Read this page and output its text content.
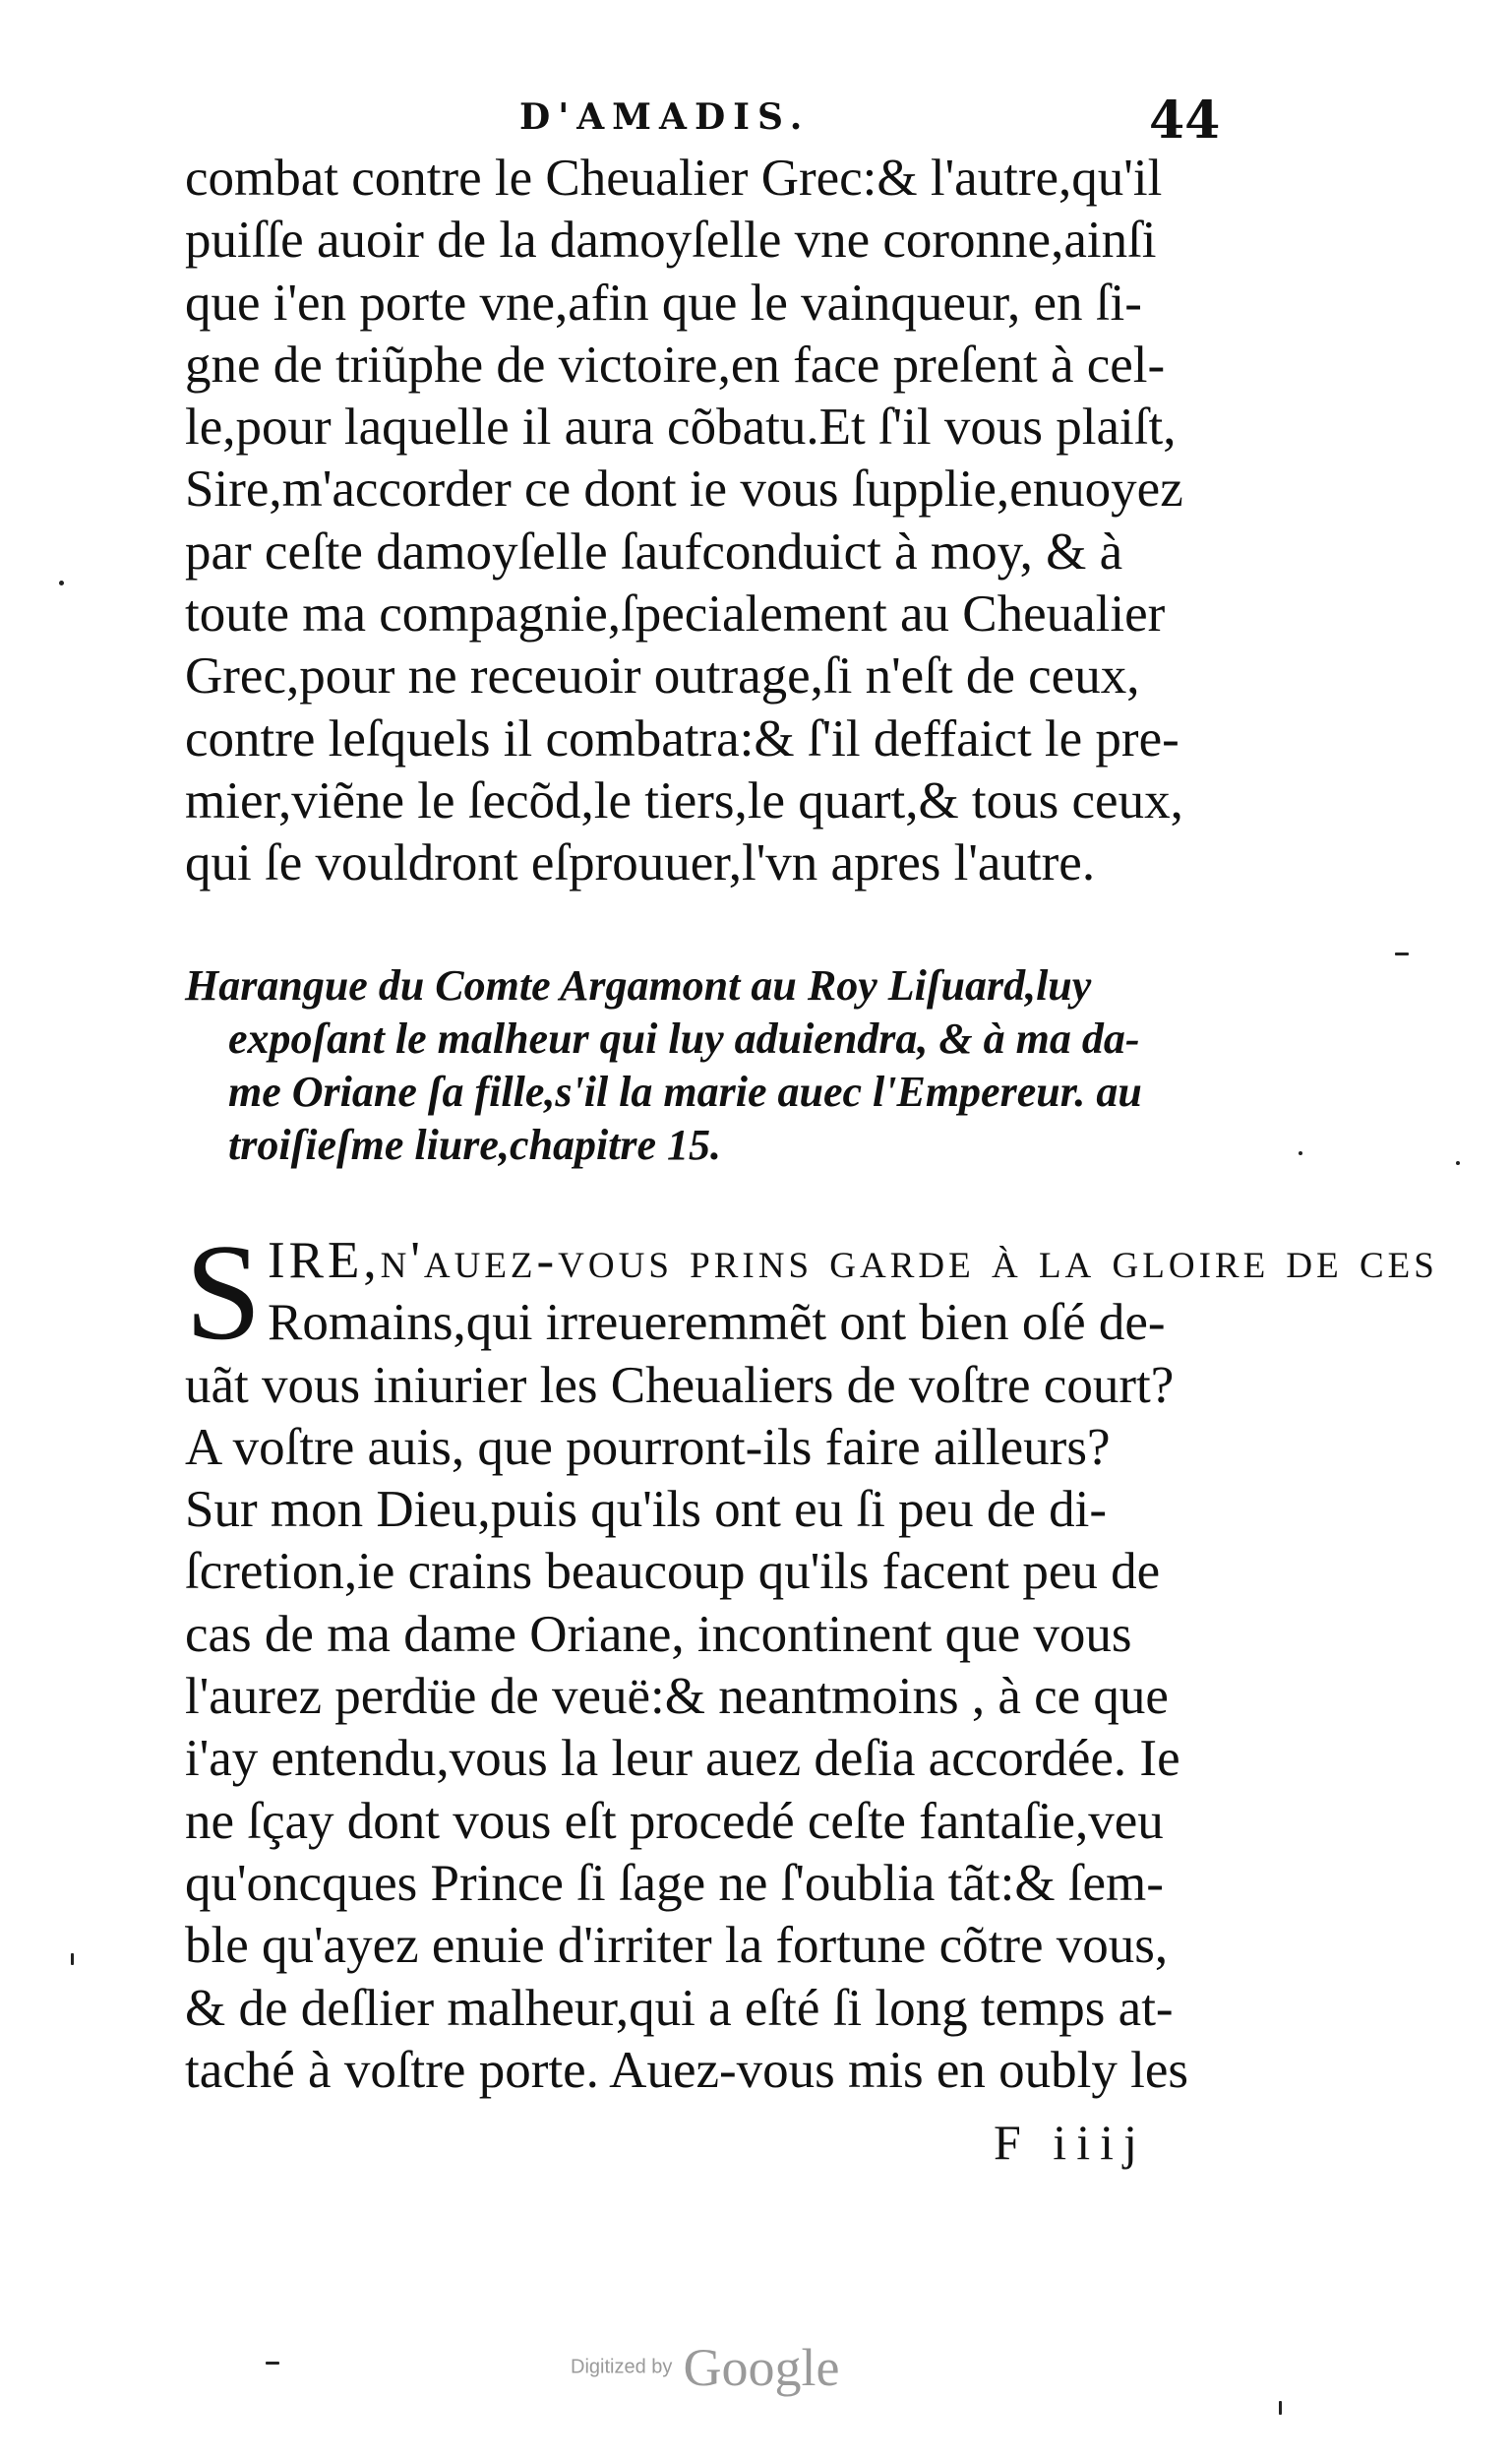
D'AMADIS.	44
combat contre le Cheualier Grec:& l'autre,qu'il
puiſſe auoir de la damoyſelle vne coronne,ainſi
que i'en porte vne,afin que le vainqueur, en ſi-
gne de triũphe de victoire,en face preſent à cel-
le,pour laquelle il aura cõbatu.Et ſ'il vous plaiſt,
Sire,m'accorder ce dont ie vous ſupplie,enuoyez
par ceſte damoyſelle ſaufconduict à moy, & à
toute ma compagnie,ſpecialement au Cheualier
Grec,pour ne receuoir outrage,ſi n'eſt de ceux,
contre leſquels il combatra:& ſ'il deffaict le pre-
mier,viẽne le ſecõd,le tiers,le quart,& tous ceux,
qui ſe vouldront eſprouuer,l'vn apres l'autre.
Harangue du Comte Argamont au Roy Liſuard,luy
expoſant le malheur qui luy aduiendra, & à ma da-
me Oriane ſa fille,s'il la marie auec l'Empereur. au
troiſieſme liure,chapitre 15.
S IRE,n'auez-vous prins garde à la gloire de ces
Romains,qui irreueremmẽt ont bien oſé de-
uãt vous iniurier les Cheualiers de voſtre court?
A voſtre auis, que pourront-ils faire ailleurs?
Sur mon Dieu,puis qu'ils ont eu ſi peu de di-
ſcretion,ie crains beaucoup qu'ils facent peu de
cas de ma dame Oriane, incontinent que vous
l'aurez perdüe de veuë:& neantmoins , à ce que
i'ay entendu,vous la leur auez deſia accordée. Ie
ne ſçay dont vous eſt procedé ceſte fantaſie,veu
qu'oncques Prince ſi ſage ne ſ'oublia tãt:& ſem-
ble qu'ayez enuie d'irriter la fortune cõtre vous,
& de deſlier malheur,qui a eſté ſi long temps at-
taché à voſtre porte. Auez-vous mis en oubly les
F iiij
Digitized by Google
